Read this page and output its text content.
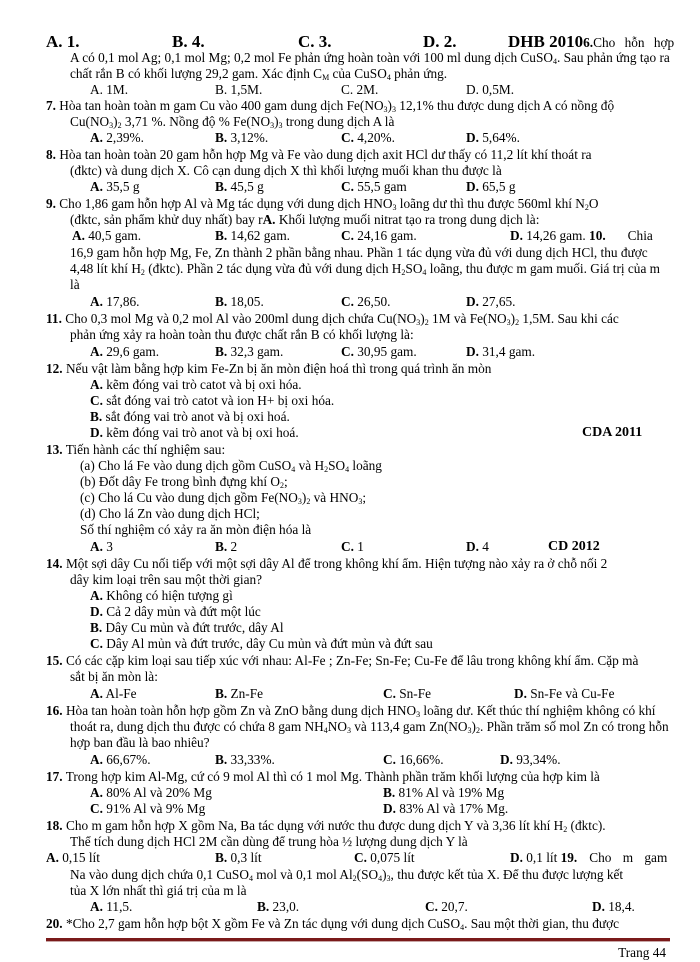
A. 1.	B. 4.	C. 3.	D. 2.	DHB 20106.Cho hỗn hợp
A có 0,1 mol Ag; 0,1 mol Mg; 0,2 mol Fe phản ứng hoàn toàn với 100 ml dung dịch CuSO$_4$. Sau phản ứng tạo ra
chất rắn B có khối lượng 29,2 gam. Xác định $C_M$ của CuSO$_4$ phản ứng.
A. 1M.	B. 1,5M.	C. 2M.	D. 0,5M.
7. Hòa tan hoàn toàn m gam Cu vào 400 gam dung dịch $Fe(NO_3)_3$ 12,1% thu được dung dịch A có nồng độ
$Cu(NO_3)_2$ 3,71 %. Nồng độ % $Fe(NO_3)_3$ trong dung dịch A là
A. 2,39%.	B. 3,12%.	C. 4,20%.	D. 5,64%.
8. Hòa tan hoàn toàn 20 gam hỗn hợp Mg và Fe vào dung dịch axit HCl dư thấy có 11,2 lít khí thoát ra
(đktc) và dung dịch X. Cô cạn dung dịch X thì khối lượng muối khan thu được là
A. 35,5 g	B. 45,5 g	C. 55,5 gam	D. 65,5 g
9. Cho 1,86 gam hỗn hợp Al và Mg tác dụng với dung dịch $HNO_3$ loãng dư thì thu được 560ml khí $N_2O$
(đktc, sản phẩm khử duy nhất) bay rA. Khối lượng muối nitrat tạo ra trong dung dịch là:
A. 40,5 gam.	B. 14,62 gam.	C. 24,16 gam.	D. 14,26 gam. 10. Chia
16,9 gam hỗn hợp Mg, Fe, Zn thành 2 phần bằng nhau. Phần 1 tác dụng vừa đủ với dung dịch HCl, thu được
4,48 lít khí $H_2$ (đktc). Phần 2 tác dụng vừa đủ với dung dịch $H_2SO_4$ loãng, thu được m gam muối. Giá trị của m
là
A. 17,86.	B. 18,05.	C. 26,50.	D. 27,65.
11. Cho 0,3 mol Mg và 0,2 mol Al vào 200ml dung dịch chứa $Cu(NO_3)_2$ 1M và $Fe(NO_3)_2$ 1,5M. Sau khi các
phản ứng xảy ra hoàn toàn thu được chất rắn B có khối lượng là:
A. 29,6 gam.	B. 32,3 gam.	C. 30,95 gam.	D. 31,4 gam.
12. Nếu vật làm bằng hợp kim Fe-Zn bị ăn mòn điện hoá thì trong quá trình ăn mòn
A. kẽm đóng vai trò catot và bị oxi hóa.
C. sắt đóng vai trò catot và ion H+ bị oxi hóa.
B. sắt đóng vai trò anot và bị oxi hoá.
D. kẽm đóng vai trò anot và bị oxi hoá.	CDA 2011
13. Tiến hành các thí nghiệm sau:
(a) Cho lá Fe vào dung dịch gồm CuSO$_4$ và $H_2SO_4$ loãng
(b) Đốt dây Fe trong bình đựng khí $O_2$;
(c) Cho lá Cu vào dung dịch gồm $Fe(NO_3)_2$ và $HNO_3$;
(d) Cho lá Zn vào dung dịch HCl;
Số thí nghiệm có xảy ra ăn mòn điện hóa là
A. 3	B. 2	C. 1	D. 4	CD 2012
14. Một sợi dây Cu nối tiếp với một sợi dây Al để trong không khí ẩm. Hiện tượng nào xảy ra ở chỗ nối 2
dây kim loại trên sau một thời gian?
A. Không có hiện tượng gì
D. Cả 2 dây mủn và đứt một lúc
B. Dây Cu mủn và đứt trước, dây Al
C. Dây Al mủn và đứt trước, dây Cu mủn và đứt mủn và đứt sau
15. Có các cặp kim loại sau tiếp xúc với nhau: Al-Fe ; Zn-Fe; Sn-Fe; Cu-Fe để lâu trong không khí ẩm. Cặp mà
sắt bị ăn mòn là:
A. Al-Fe	B. Zn-Fe	C. Sn-Fe	D. Sn-Fe và Cu-Fe
16. Hòa tan hoàn toàn hỗn hợp gồm Zn và ZnO bằng dung dịch $HNO_3$ loãng dư. Kết thúc thí nghiệm không có khí
thoát ra, dung dịch thu được có chứa 8 gam $NH_4NO_3$ và 113,4 gam $Zn(NO_3)_2$. Phần trăm số mol Zn có trong hỗn
hợp ban đầu là bao nhiêu?
A. 66,67%.	B. 33,33%.	C. 16,66%.	D. 93,34%.
17. Trong hợp kim Al-Mg, cứ có 9 mol Al thì có 1 mol Mg. Thành phần trăm khối lượng của hợp kim là
A. 80% Al và 20% Mg	B. 81% Al và 19% Mg
C. 91% Al và 9% Mg	D. 83% Al và 17% Mg.
18. Cho m gam hỗn hợp X gồm Na, Ba tác dụng với nước thu được dung dịch Y và 3,36 lít khí $H_2$ (đktc).
Thể tích dung dịch HCl 2M cần dùng để trung hòa ½ lượng dung dịch Y là
A. 0,15 lít	B. 0,3 lít	C. 0,075 lít	D. 0,1 lít 19. Cho m gam
Na vào dung dịch chứa 0,1 CuSO$_4$ mol và 0,1 mol $Al_2(SO_4)_3$, thu được kết tủa X. Để thu được lượng kết
tủa X lớn nhất thì giá trị của m là
A. 11,5.	B. 23,0.	C. 20,7.	D. 18,4.
20. *Cho 2,7 gam hỗn hợp bột X gồm Fe và Zn tác dụng với dung dịch CuSO$_4$. Sau một thời gian, thu được
Trang 44
